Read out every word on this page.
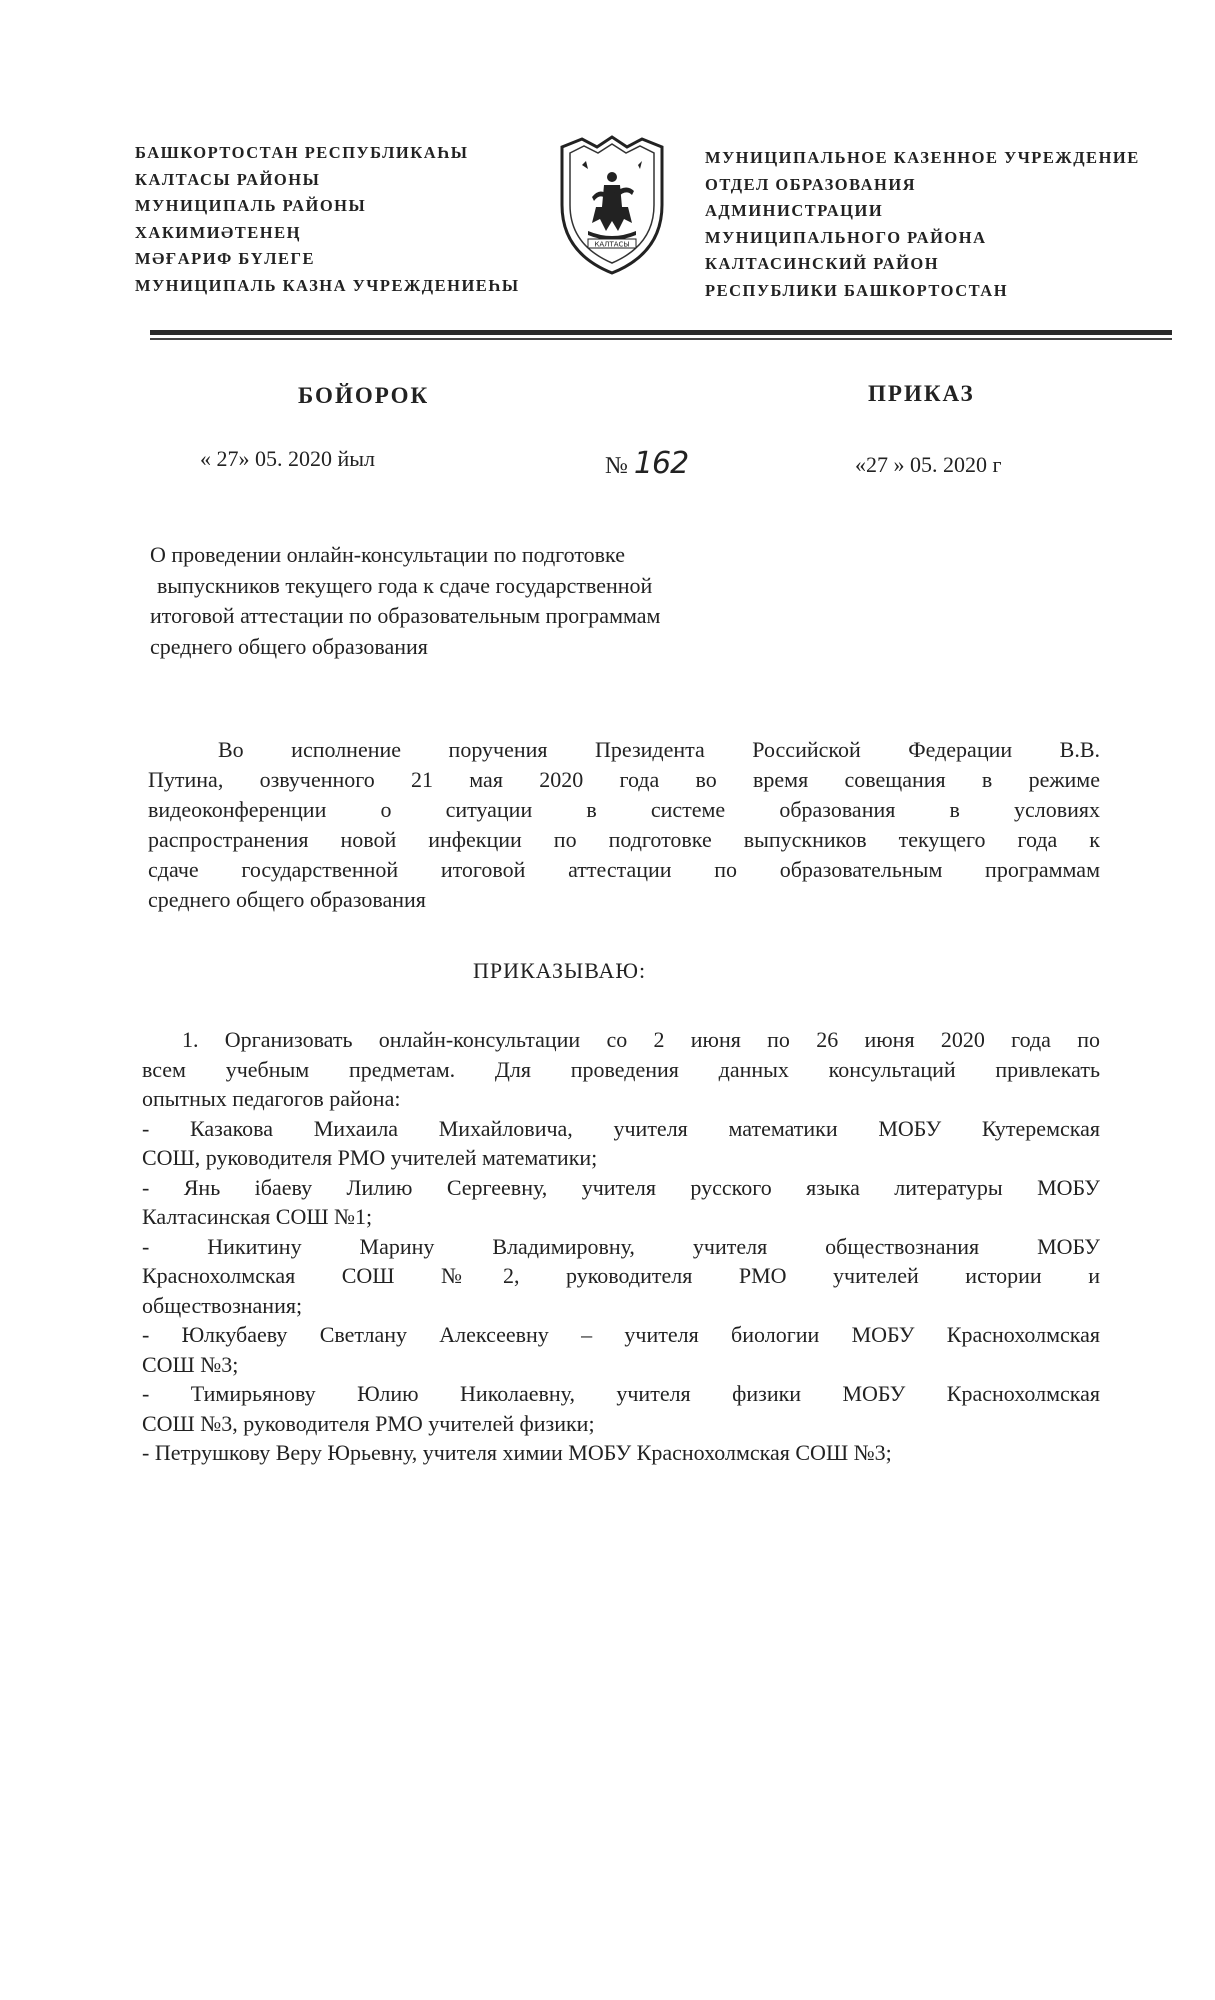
БАШКОРТОСТАН РЕСПУБЛИКАҺЫ
КАЛТАСЫ РАЙОНЫ
МУНИЦИПАЛЬ РАЙОНЫ
ХАКИМИӘТЕНЕҢ
МӘҒАРИФ БҮЛЕГЕ
МУНИЦИПАЛЬ КАЗНА УЧРЕЖДЕНИЕҺЫ
КАЛТАСЫ
МУНИЦИПАЛЬНОЕ КАЗЕННОЕ УЧРЕЖДЕНИЕ
ОТДЕЛ ОБРАЗОВАНИЯ
АДМИНИСТРАЦИИ
МУНИЦИПАЛЬНОГО РАЙОНА
КАЛТАСИНСКИЙ РАЙОН
РЕСПУБЛИКИ БАШКОРТОСТАН
БОЙОРОК	ПРИКАЗ
« 27» 05. 2020 йыл	№ 162	«27 » 05. 2020 г
О проведении онлайн-консультации по подготовке
выпускников текущего года к сдаче государственной
итоговой аттестации по образовательным программам
среднего общего образования
Во исполнение поручения Президента Российской Федерации В.В.
Путина, озвученного 21 мая 2020 года во время совещания в режиме
видеоконференции о ситуации в системе образования в условиях
распространения новой инфекции по подготовке выпускников текущего года к
сдаче государственной итоговой аттестации по образовательным программам
среднего общего образования
ПРИКАЗЫВАЮ:
1. Организовать онлайн-консультации со 2 июня по 26 июня 2020 года по
всем учебным предметам. Для проведения данных консультаций привлекать
опытных педагогов района:
- Казакова Михаила Михайловича, учителя математики МОБУ Кутеремская
СОШ, руководителя РМО учителей математики;
- Янь ібаеву Лилию Сергеевну, учителя русского языка литературы МОБУ
Калтасинская СОШ №1;
- Никитину Марину Владимировну, учителя обществознания МОБУ
Краснохолмская СОШ №2, руководителя РМО учителей истории и
обществознания;
- Юлкубаеву Светлану Алексеевну – учителя биологии МОБУ Краснохолмская
СОШ №3;
- Тимирьянову Юлию Николаевну, учителя физики МОБУ Краснохолмская
СОШ №3, руководителя РМО учителей физики;
- Петрушкову Веру Юрьевну, учителя химии МОБУ Краснохолмская СОШ №3;
